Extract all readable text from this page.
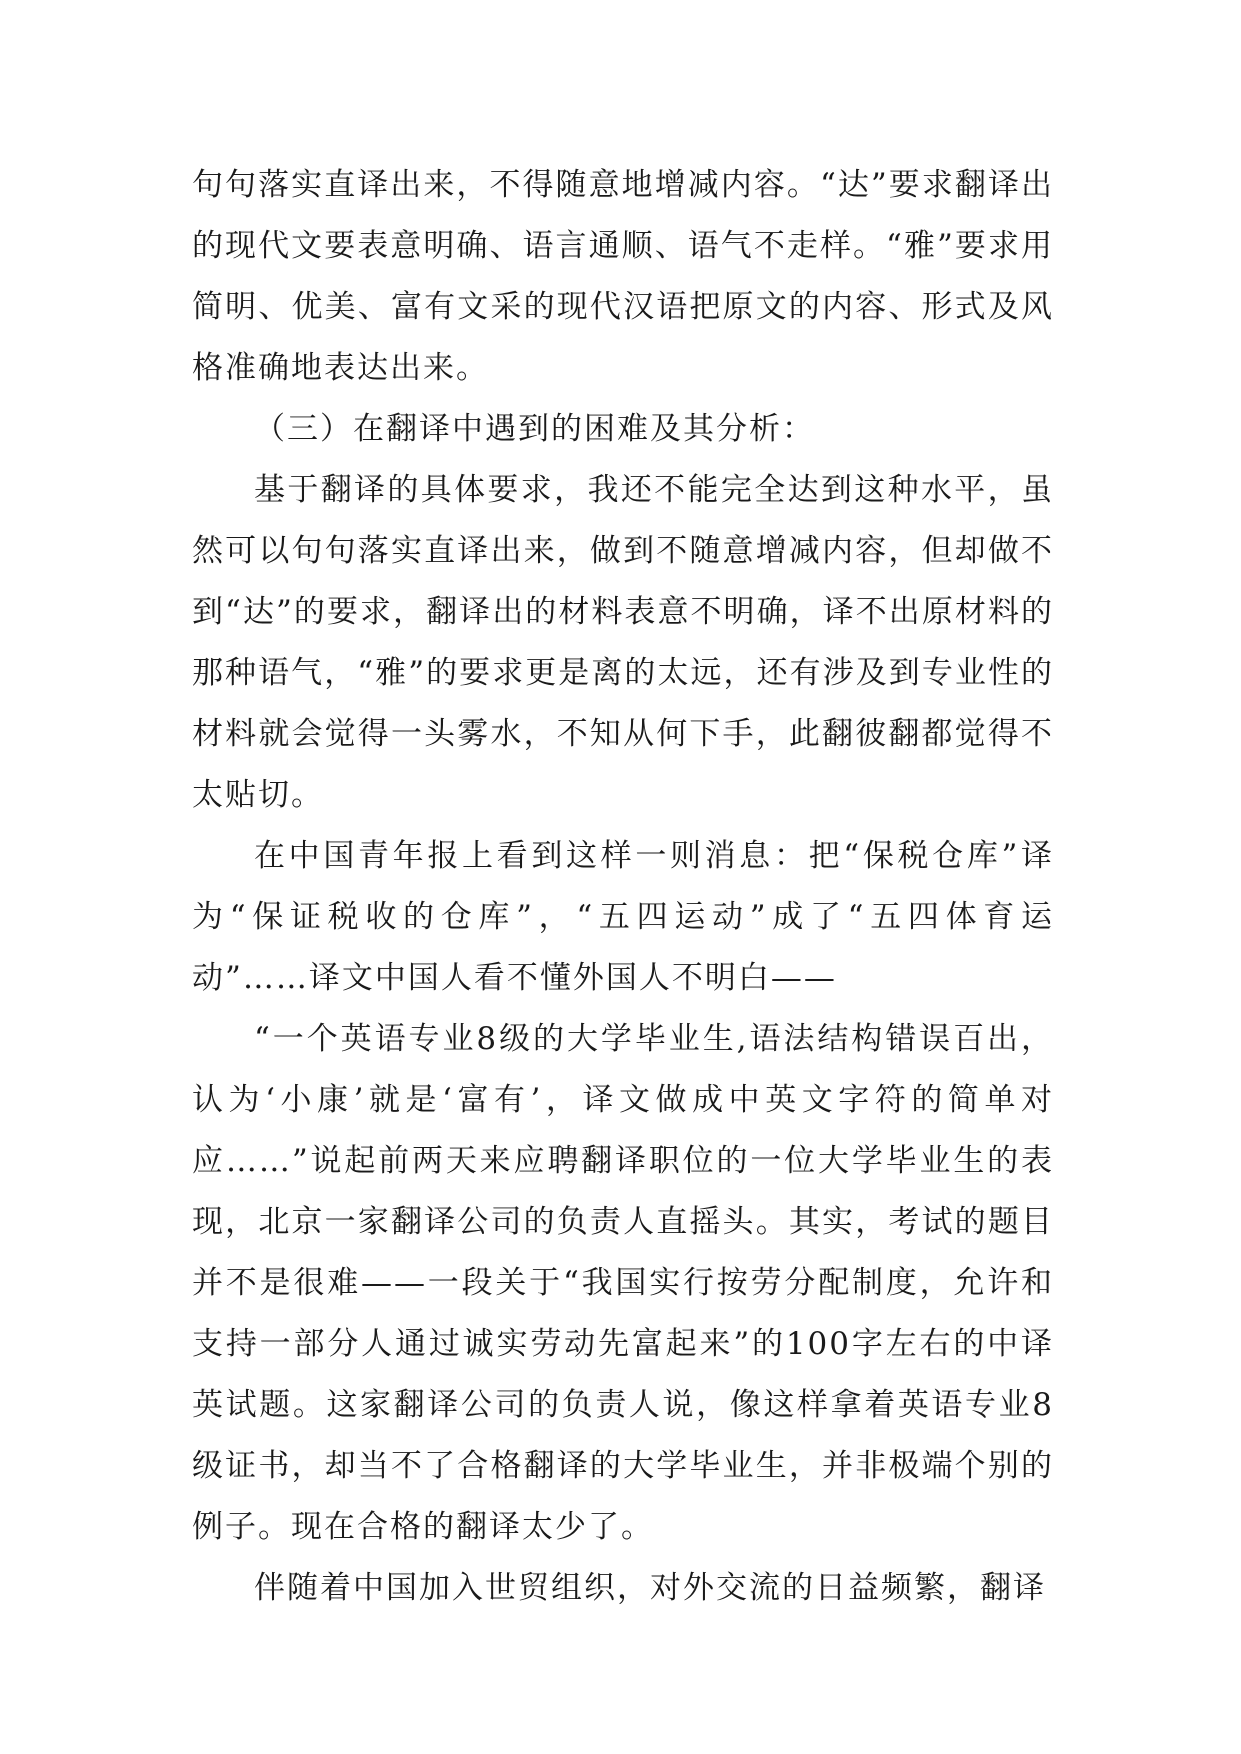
句句落实直译出来，不得随意地增减内容。“达”要求翻译出的现代文要表意明确、语言通顺、语气不走样。“雅”要求用简明、优美、富有文采的现代汉语把原文的内容、形式及风格准确地表达出来。

（三）在翻译中遇到的困难及其分析：

基于翻译的具体要求，我还不能完全达到这种水平，虽然可以句句落实直译出来，做到不随意增减内容，但却做不到“达”的要求，翻译出的材料表意不明确，译不出原材料的那种语气，“雅”的要求更是离的太远，还有涉及到专业性的材料就会觉得一头雾水，不知从何下手，此翻彼翻都觉得不太贴切。

在中国青年报上看到这样一则消息：把“保税仓库”译为“保证税收的仓库”，“五四运动”成了“五四体育运动”……译文中国人看不懂外国人不明白——

“一个英语专业8级的大学毕业生,语法结构错误百出，认为‘小康’就是‘富有’，译文做成中英文字符的简单对应……”说起前两天来应聘翻译职位的一位大学毕业生的表现，北京一家翻译公司的负责人直摇头。其实，考试的题目并不是很难——一段关于“我国实行按劳分配制度，允许和支持一部分人通过诚实劳动先富起来”的100字左右的中译英试题。这家翻译公司的负责人说，像这样拿着英语专业8级证书，却当不了合格翻译的大学毕业生，并非极端个别的例子。现在合格的翻译太少了。

伴随着中国加入世贸组织，对外交流的日益频繁，翻译
